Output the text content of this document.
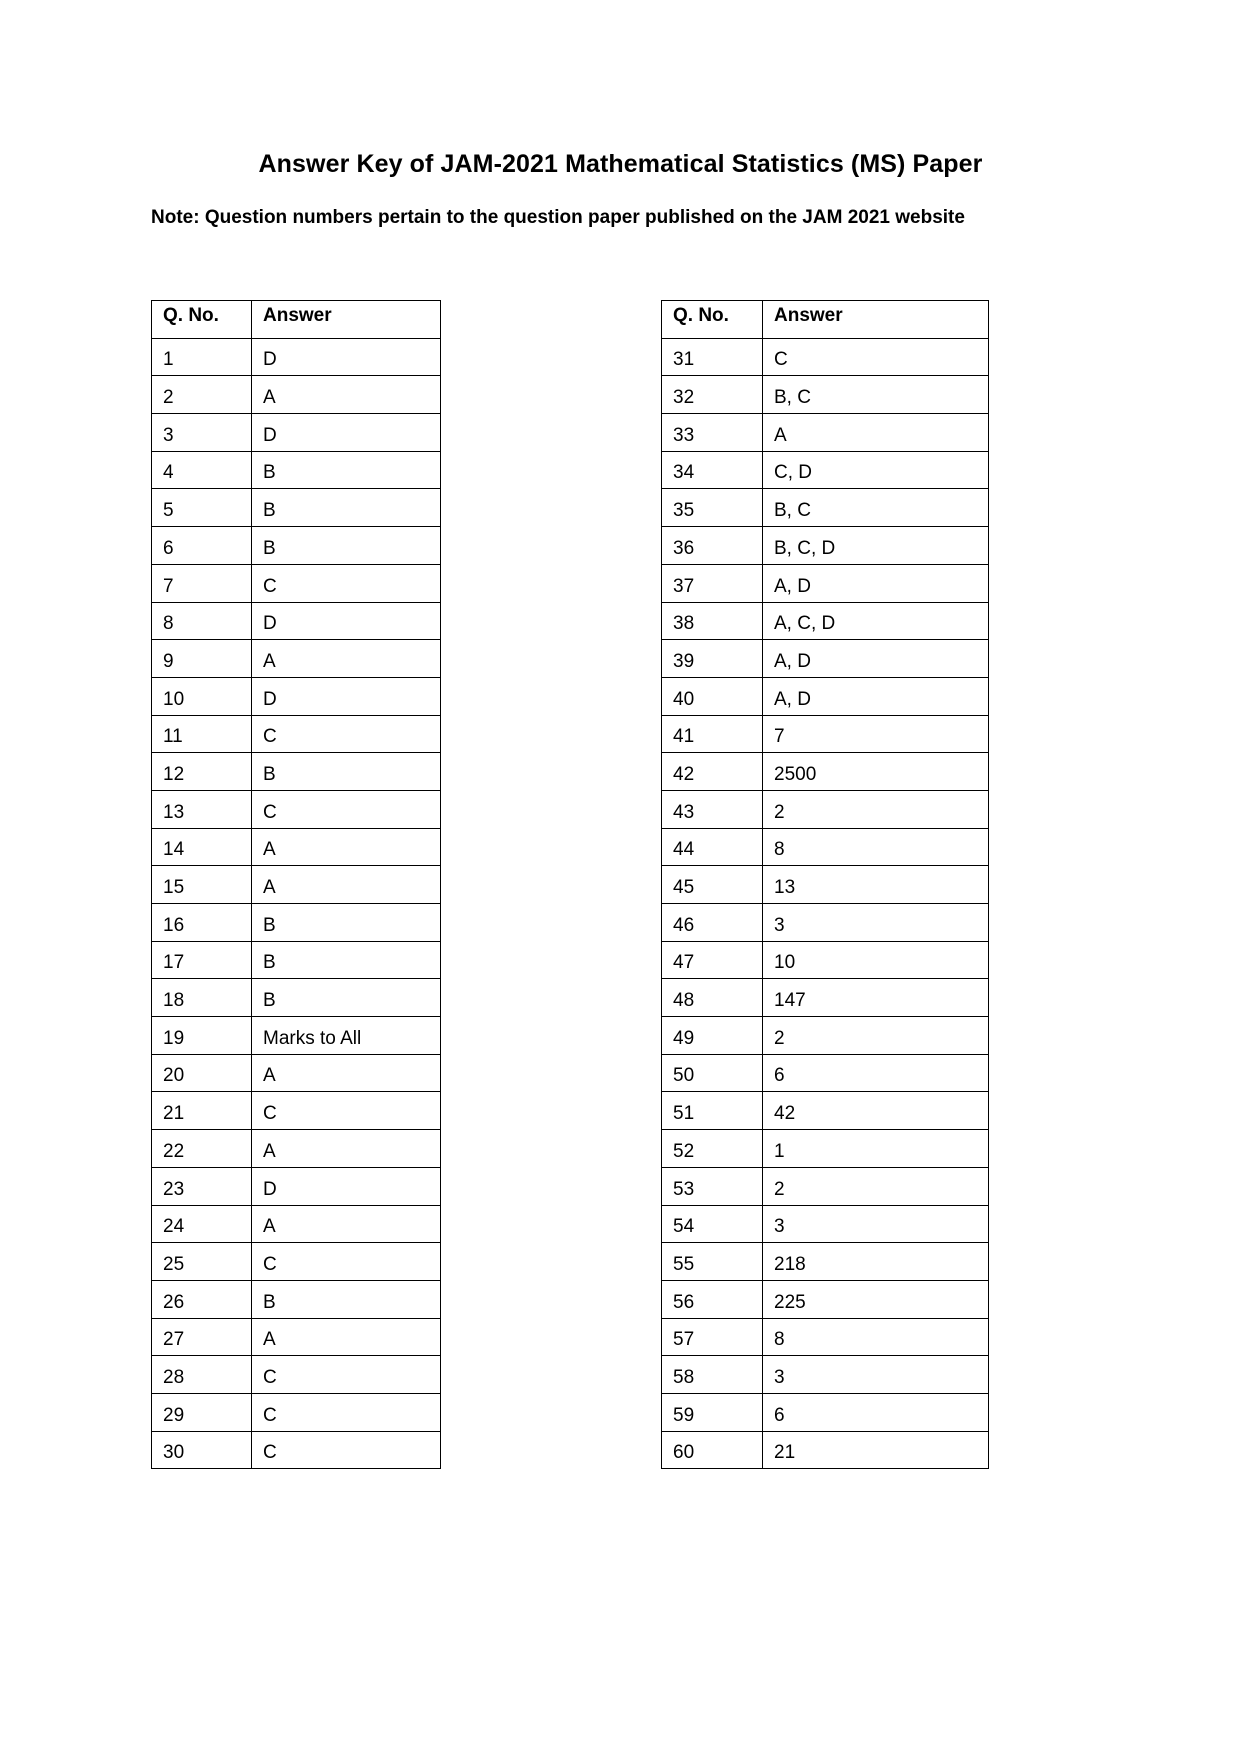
Answer Key of JAM-2021 Mathematical Statistics (MS) Paper
Note: Question numbers pertain to the question paper published on the JAM 2021 website
Q. No.	Answer
1	D
2	A
3	D
4	B
5	B
6	B
7	C
8	D
9	A
10	D
11	C
12	B
13	C
14	A
15	A
16	B
17	B
18	B
19	Marks to All
20	A
21	C
22	A
23	D
24	A
25	C
26	B
27	A
28	C
29	C
30	C
Q. No.	Answer
31	C
32	B, C
33	A
34	C, D
35	B, C
36	B, C, D
37	A, D
38	A, C, D
39	A, D
40	A, D
41	7
42	2500
43	2
44	8
45	13
46	3
47	10
48	147
49	2
50	6
51	42
52	1
53	2
54	3
55	218
56	225
57	8
58	3
59	6
60	21
